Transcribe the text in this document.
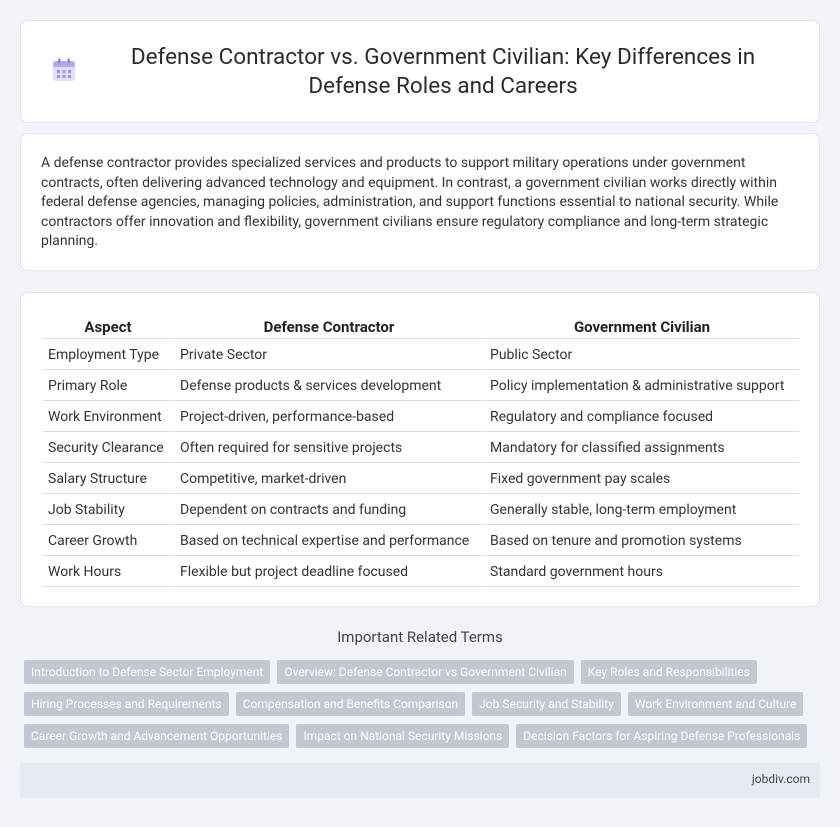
Defense Contractor vs. Government Civilian: Key Differences in Defense Roles and Careers

A defense contractor provides specialized services and products to support military operations under government contracts, often delivering advanced technology and equipment. In contrast, a government civilian works directly within federal defense agencies, managing policies, administration, and support functions essential to national security. While contractors offer innovation and flexibility, government civilians ensure regulatory compliance and long-term strategic planning.

Aspect	Defense Contractor	Government Civilian
Employment Type	Private Sector	Public Sector
Primary Role	Defense products & services development	Policy implementation & administrative support
Work Environment	Project-driven, performance-based	Regulatory and compliance focused
Security Clearance	Often required for sensitive projects	Mandatory for classified assignments
Salary Structure	Competitive, market-driven	Fixed government pay scales
Job Stability	Dependent on contracts and funding	Generally stable, long-term employment
Career Growth	Based on technical expertise and performance	Based on tenure and promotion systems
Work Hours	Flexible but project deadline focused	Standard government hours
Important Related Terms
Introduction to Defense Sector Employment	Overview: Defense Contractor vs Government Civilian	Key Roles and Responsibilities
Hiring Processes and Requirements	Compensation and Benefits Comparison	Job Security and Stability	Work Environment and Culture
Career Growth and Advancement Opportunities	Impact on National Security Missions	Decision Factors for Aspiring Defense Professionals
jobdiv.com
